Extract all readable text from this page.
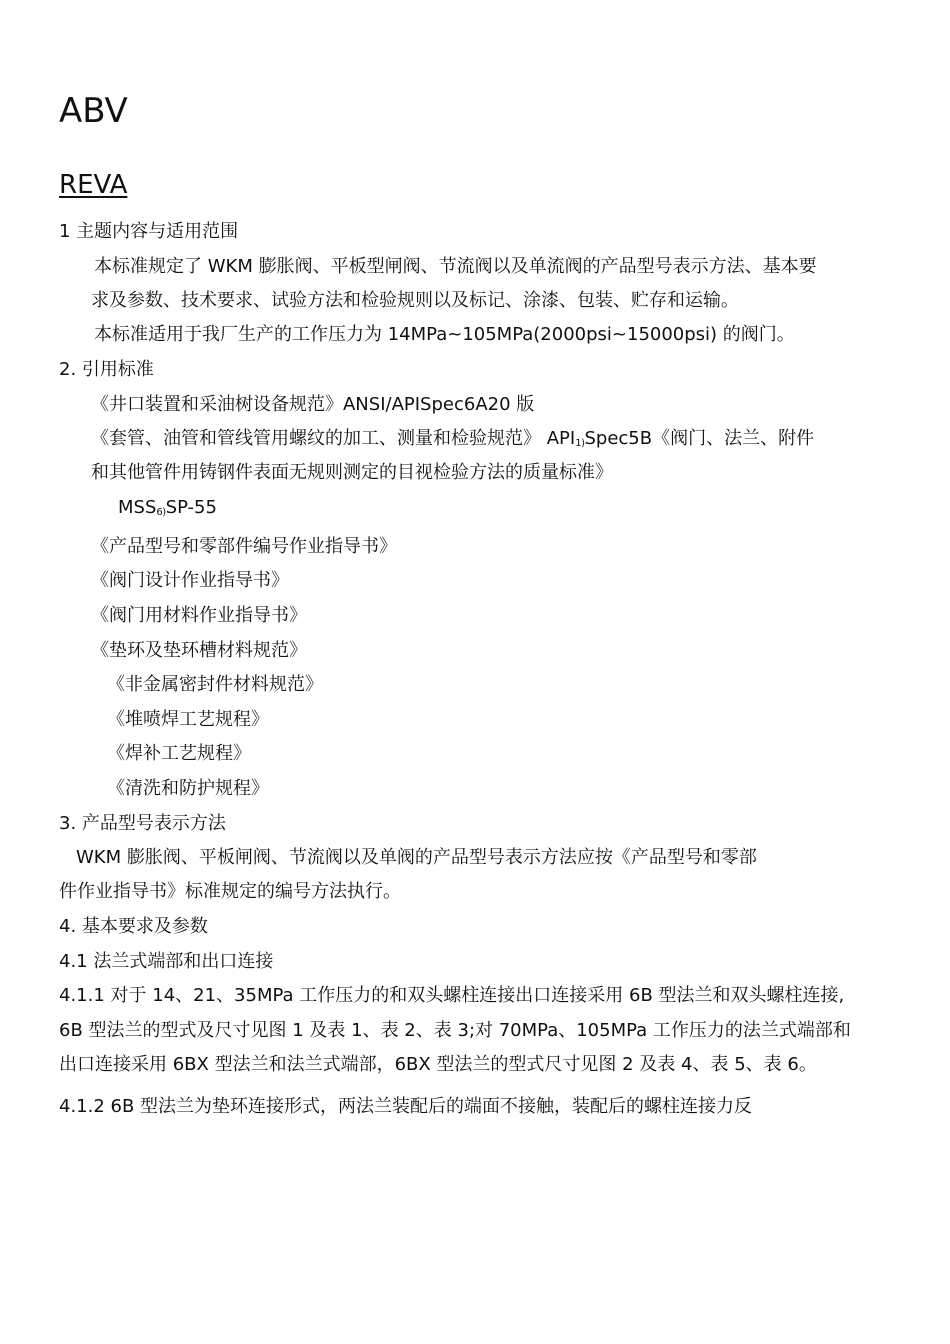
ABV
REVA
1 主题内容与适用范围
本标准规定了 WKM 膨胀阀、平板型闸阀、节流阀以及单流阀的产品型号表示方法、基本要
求及参数、技术要求、试验方法和检验规则以及标记、涂漆、包装、贮存和运输。
本标准适用于我厂生产的工作压力为 14MPa~105MPa(2000psi~15000psi) 的阀门。
2. 引用标准
《井口装置和采油树设备规范》ANSI/APISpec6A20 版
《套管、油管和管线管用螺纹的加工、测量和检验规范》 $API_{1)}Spec5B$《阀门、法兰、附件
和其他管件用铸钢件表面无规则测定的目视检验方法的质量标准》
$MSS_{6)}SP-55$
《产品型号和零部件编号作业指导书》
《阀门设计作业指导书》
《阀门用材料作业指导书》
《垫环及垫环槽材料规范》
《非金属密封件材料规范》
《堆喷焊工艺规程》
《焊补工艺规程》
《清洗和防护规程》
3. 产品型号表示方法
WKM 膨胀阀、平板闸阀、节流阀以及单阀的产品型号表示方法应按《产品型号和零部
件作业指导书》标准规定的编号方法执行。
4. 基本要求及参数
4.1 法兰式端部和出口连接
4.1.1 对于 14、21、35MPa 工作压力的和双头螺柱连接出口连接采用 6B 型法兰和双头螺柱连接,
6B 型法兰的型式及尺寸见图 1 及表 1、表 2、表 3;对 70MPa、105MPa 工作压力的法兰式端部和
出口连接采用 6BX 型法兰和法兰式端部，6BX 型法兰的型式尺寸见图 2 及表 4、表 5、表 6。
4.1.2 6B 型法兰为垫环连接形式，两法兰装配后的端面不接触，装配后的螺柱连接力反
